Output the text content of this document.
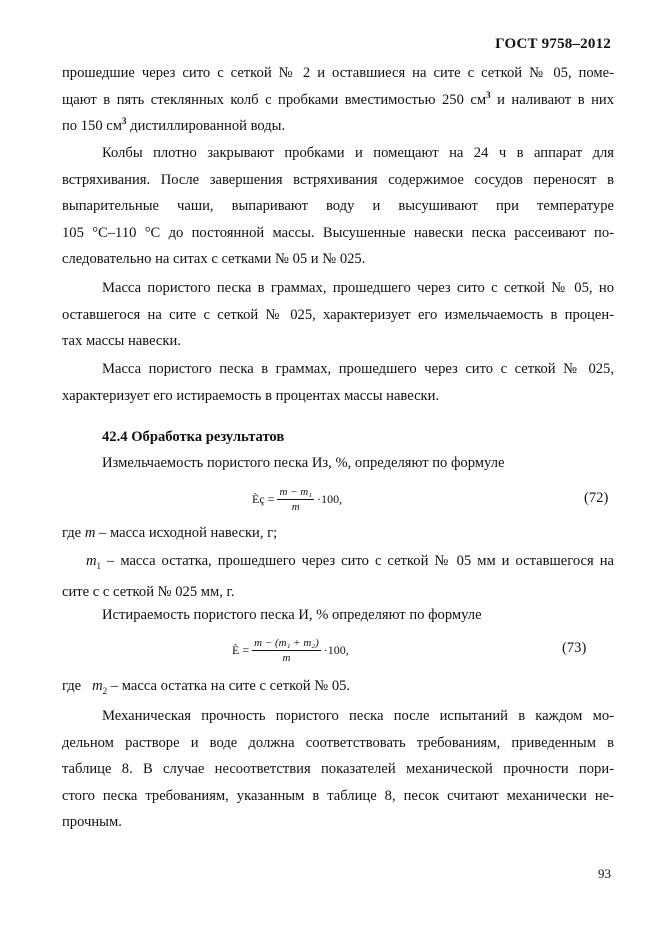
ГОСТ 9758–2012
прошедшие через сито с сеткой № 2 и оставшиеся на сите с сеткой № 05, поме-
щают в пять стеклянных колб с пробками вместимостью 250 $см^3$ и наливают в них
по 150 $см^3$ дистиллированной воды.
Колбы плотно закрывают пробками и помещают на 24 ч в аппарат для
встряхивания. После завершения встряхивания содержимое сосудов переносят в
выпарительные чаши, выпаривают воду и высушивают при температуре
105 °С–110 °С до постоянной массы. Высушенные навески песка рассеивают по-
следовательно на ситах с сетками № 05 и № 025.
Масса пористого песка в граммах, прошедшего через сито с сеткой № 05, но
оставшегося на сите с сеткой № 025, характеризует его измельчаемость в процен-
тах массы навески.
Масса пористого песка в граммах, прошедшего через сито с сеткой № 025,
характеризует его истираемость в процентах массы навески.
42.4 Обработка результатов
Измельчаемость пористого песка Из, %, определяют по формуле
Èç = $\frac{\text{m − m₁}}{m} \cdot 100$,	(72)
где m – масса исходной навески, г;
$m_1$ – масса остатка, прошедшего через сито с сеткой № 05 мм и оставшегося на
сите с с сеткой № 025 мм, г.
Истираемость пористого песка И, % определяют по формуле
È = $\frac{\text{m − (m₁ + m₂)}}{m} \cdot 100$,	(73)
где   $m_2$ – масса остатка на сите с сеткой № 05.
Механическая прочность пористого песка после испытаний в каждом мо-
дельном растворе и воде должна соответствовать требованиям, приведенным в
таблице 8. В случае несоответствия показателей механической прочности пори-
стого песка требованиям, указанным в таблице 8, песок считают механически не-
прочным.
93
